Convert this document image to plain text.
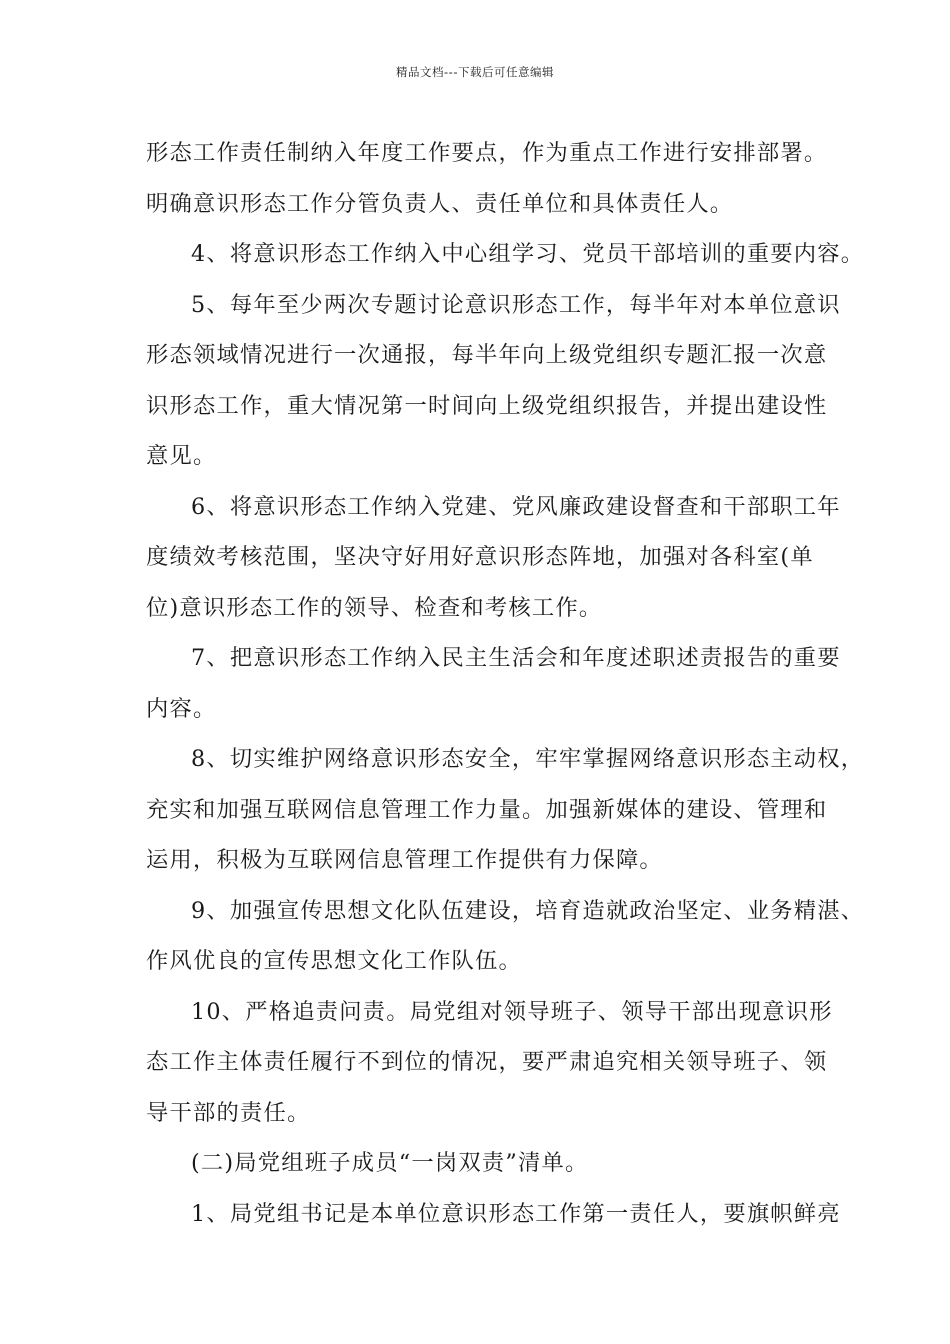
精品文档---下载后可任意编辑
形态工作责任制纳入年度工作要点，作为重点工作进行安排部署。
明确意识形态工作分管负责人、责任单位和具体责任人。
4、将意识形态工作纳入中心组学习、党员干部培训的重要内容。
5、每年至少两次专题讨论意识形态工作，每半年对本单位意识
形态领域情况进行一次通报，每半年向上级党组织专题汇报一次意
识形态工作，重大情况第一时间向上级党组织报告，并提出建设性
意见。
6、将意识形态工作纳入党建、党风廉政建设督查和干部职工年
度绩效考核范围，坚决守好用好意识形态阵地，加强对各科室(单
位)意识形态工作的领导、检查和考核工作。
7、把意识形态工作纳入民主生活会和年度述职述责报告的重要
内容。
8、切实维护网络意识形态安全，牢牢掌握网络意识形态主动权，
充实和加强互联网信息管理工作力量。加强新媒体的建设、管理和
运用，积极为互联网信息管理工作提供有力保障。
9、加强宣传思想文化队伍建设，培育造就政治坚定、业务精湛、
作风优良的宣传思想文化工作队伍。
10、严格追责问责。局党组对领导班子、领导干部出现意识形
态工作主体责任履行不到位的情况，要严肃追究相关领导班子、领
导干部的责任。
(二)局党组班子成员“一岗双责”清单。
1、局党组书记是本单位意识形态工作第一责任人，要旗帜鲜亮
